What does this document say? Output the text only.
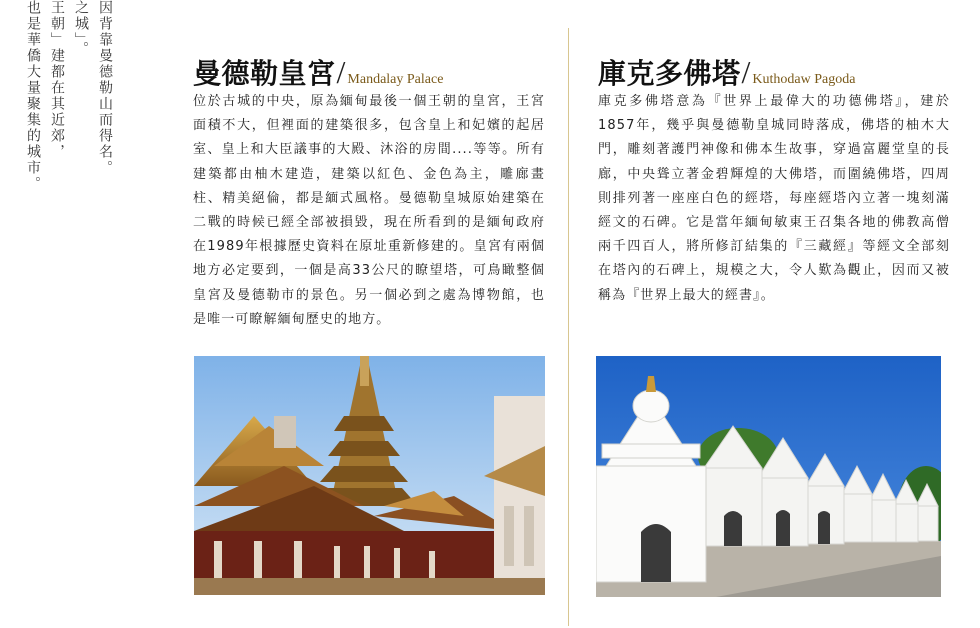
也是華僑大量聚集的城市。 王朝」建都在其近郊， 之城」。 因背靠曼德勒山而得名。	曼德勒皇宮/ Mandalay Palace
位於古城的中央，原為緬甸最後一個王朝的皇宮，王宮面積不大，但裡面的建築很多，包含皇上和妃嬪的起居室、皇上和大臣議事的大殿、沐浴的房間....等等。所有建築都由柚木建造，建築以紅色、金色為主，雕廊畫柱、精美絕倫，都是緬式風格。曼德勒皇城原始建築在二戰的時候已經全部被損毀，現在所看到的是緬甸政府在1989年根據歷史資料在原址重新修建的。皇宮有兩個地方必定要到，一個是高33公尺的瞭望塔，可鳥瞰整個皇宮及曼德勒市的景色。另一個必到之處為博物館，也是唯一可瞭解緬甸歷史的地方。
庫克多佛塔/ Kuthodaw Pagoda
庫克多佛塔意為『世界上最偉大的功德佛塔』，建於1857年，幾乎與曼德勒皇城同時落成，佛塔的柚木大門，雕刻著護門神像和佛本生故事，穿過富麗堂皇的長廊，中央聳立著金碧輝煌的大佛塔，而圍繞佛塔，四周則排列著一座座白色的經塔，每座經塔內立著一塊刻滿經文的石碑。它是當年緬甸敏東王召集各地的佛教高僧兩千四百人，將所修訂結集的『三藏經』等經文全部刻在塔內的石碑上，規模之大，令人歎為觀止，因而又被稱為『世界上最大的經書』。
